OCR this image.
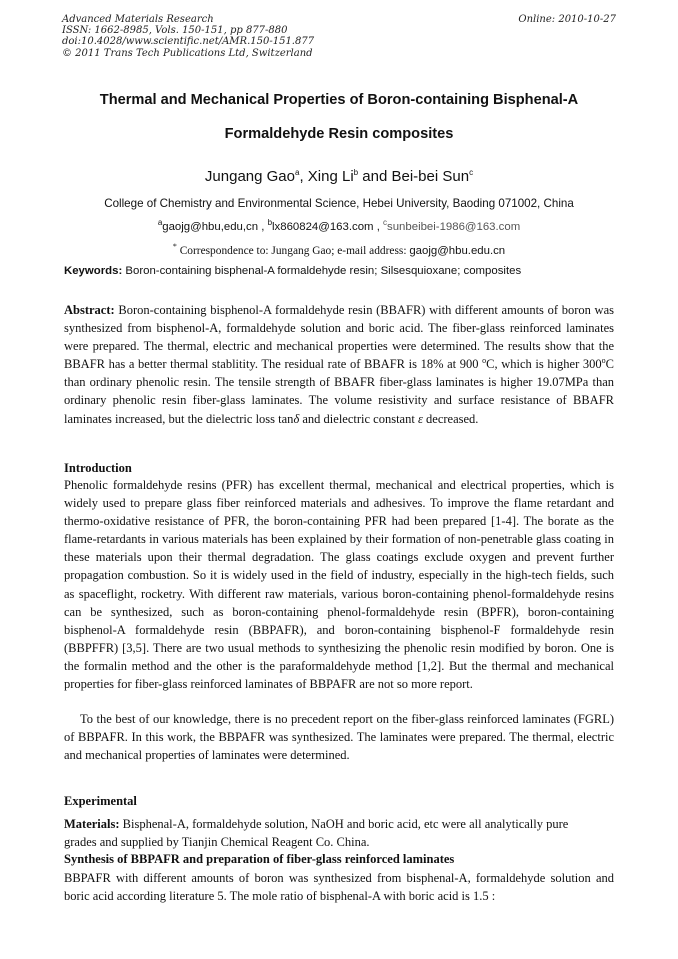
Advanced Materials Research
ISSN: 1662-8985, Vols. 150-151, pp 877-880
doi:10.4028/www.scientific.net/AMR.150-151.877
© 2011 Trans Tech Publications Ltd, Switzerland
Online: 2010-10-27
Thermal and Mechanical Properties of Boron-containing Bisphenal-A
Formaldehyde Resin composites
Jungang Gao$^a$, Xing Li$^b$ and Bei-bei Sun$^c$
College of Chemistry and Environmental Science, Hebei University, Baoding 071002, China
$^a$gaojg@hbu,edu,cn , $^b$lx860824@163.com , $^c$sunbeibei-1986@163.com
* Correspondence to: Jungang Gao; e-mail address: gaojg@hbu.edu.cn
Keywords: Boron-containing bisphenal-A formaldehyde resin; Silsesquioxane; composites
Abstract: Boron-containing bisphenol-A formaldehyde resin (BBAFR) with different amounts of boron was synthesized from bisphenol-A, formaldehyde solution and boric acid. The fiber-glass reinforced laminates were prepared. The thermal, electric and mechanical properties were determined. The results show that the BBAFR has a better thermal stablitity. The residual rate of BBAFR is 18% at 900 $^o$C, which is higher 300$^o$C than ordinary phenolic resin. The tensile strength of BBAFR fiber-glass laminates is higher 19.07MPa than ordinary phenolic resin fiber-glass laminates. The volume resistivity and surface resistance of BBAFR laminates increased, but the dielectric loss tanδ and dielectric constant ε decreased.
Introduction
Phenolic formaldehyde resins (PFR) has excellent thermal, mechanical and electrical properties, which is widely used to prepare glass fiber reinforced materials and adhesives. To improve the flame retardant and thermo-oxidative resistance of PFR, the boron-containing PFR had been prepared [1-4]. The borate as the flame-retardants in various materials has been explained by their formation of non-penetrable glass coating in these materials upon their thermal degradation. The glass coatings exclude oxygen and prevent further propagation combustion. So it is widely used in the field of industry, especially in the high-tech fields, such as spaceflight, rocketry. With different raw materials, various boron-containing phenol-formaldehyde resins can be synthesized, such as boron-containing phenol-formaldehyde resin (BPFR), boron-containing bisphenol-A formaldehyde resin (BBPAFR), and boron-containing bisphenol-F formaldehyde resin (BBPFFR) [3,5]. There are two usual methods to synthesizing the phenolic resin modified by boron. One is the formalin method and the other is the paraformaldehyde method [1,2]. But the thermal and mechanical properties for fiber-glass reinforced laminates of BBPAFR are not so more report.
To the best of our knowledge, there is no precedent report on the fiber-glass reinforced laminates (FGRL) of BBPAFR. In this work, the BBPAFR was synthesized. The laminates were prepared. The thermal, electric and mechanical properties of laminates were determined.
Experimental
Materials: Bisphenal-A, formaldehyde solution, NaOH and boric acid, etc were all analytically pure grades and supplied by Tianjin Chemical Reagent Co. China.
Synthesis of BBPAFR and preparation of fiber-glass reinforced laminates
BBPAFR with different amounts of boron was synthesized from bisphenal-A, formaldehyde solution and boric acid according literature 5. The mole ratio of bisphenal-A with boric acid is 1.5 :
